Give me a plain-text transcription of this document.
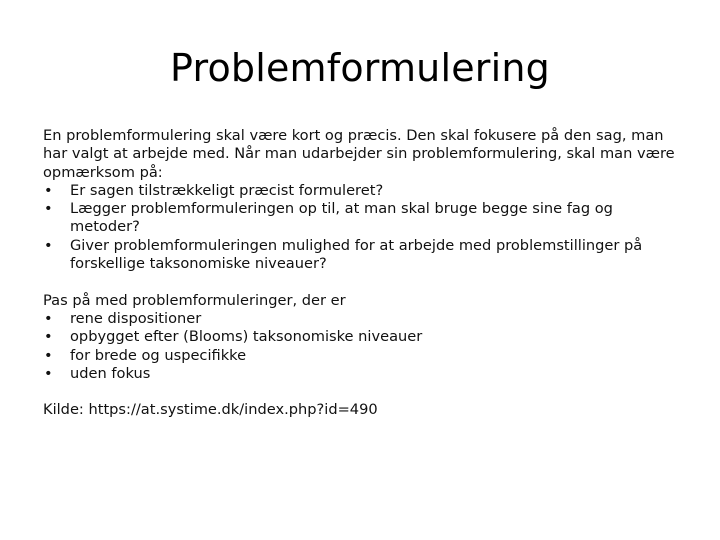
Problemformulering

En problemformulering skal være kort og præcis. Den skal fokusere på den sag, man har valgt at arbejde med. Når man udarbejder sin problemformulering, skal man være opmærksom på:

• Er sagen tilstrækkeligt præcist formuleret?
• Lægger problemformuleringen op til, at man skal bruge begge sine fag og metoder?
• Giver problemformuleringen mulighed for at arbejde med problemstillinger på forskellige taksonomiske niveauer?

Pas på med problemformuleringer, der er

• rene dispositioner
• opbygget efter (Blooms) taksonomiske niveauer
• for brede og uspecifikke
• uden fokus

Kilde: https://at.systime.dk/index.php?id=490
